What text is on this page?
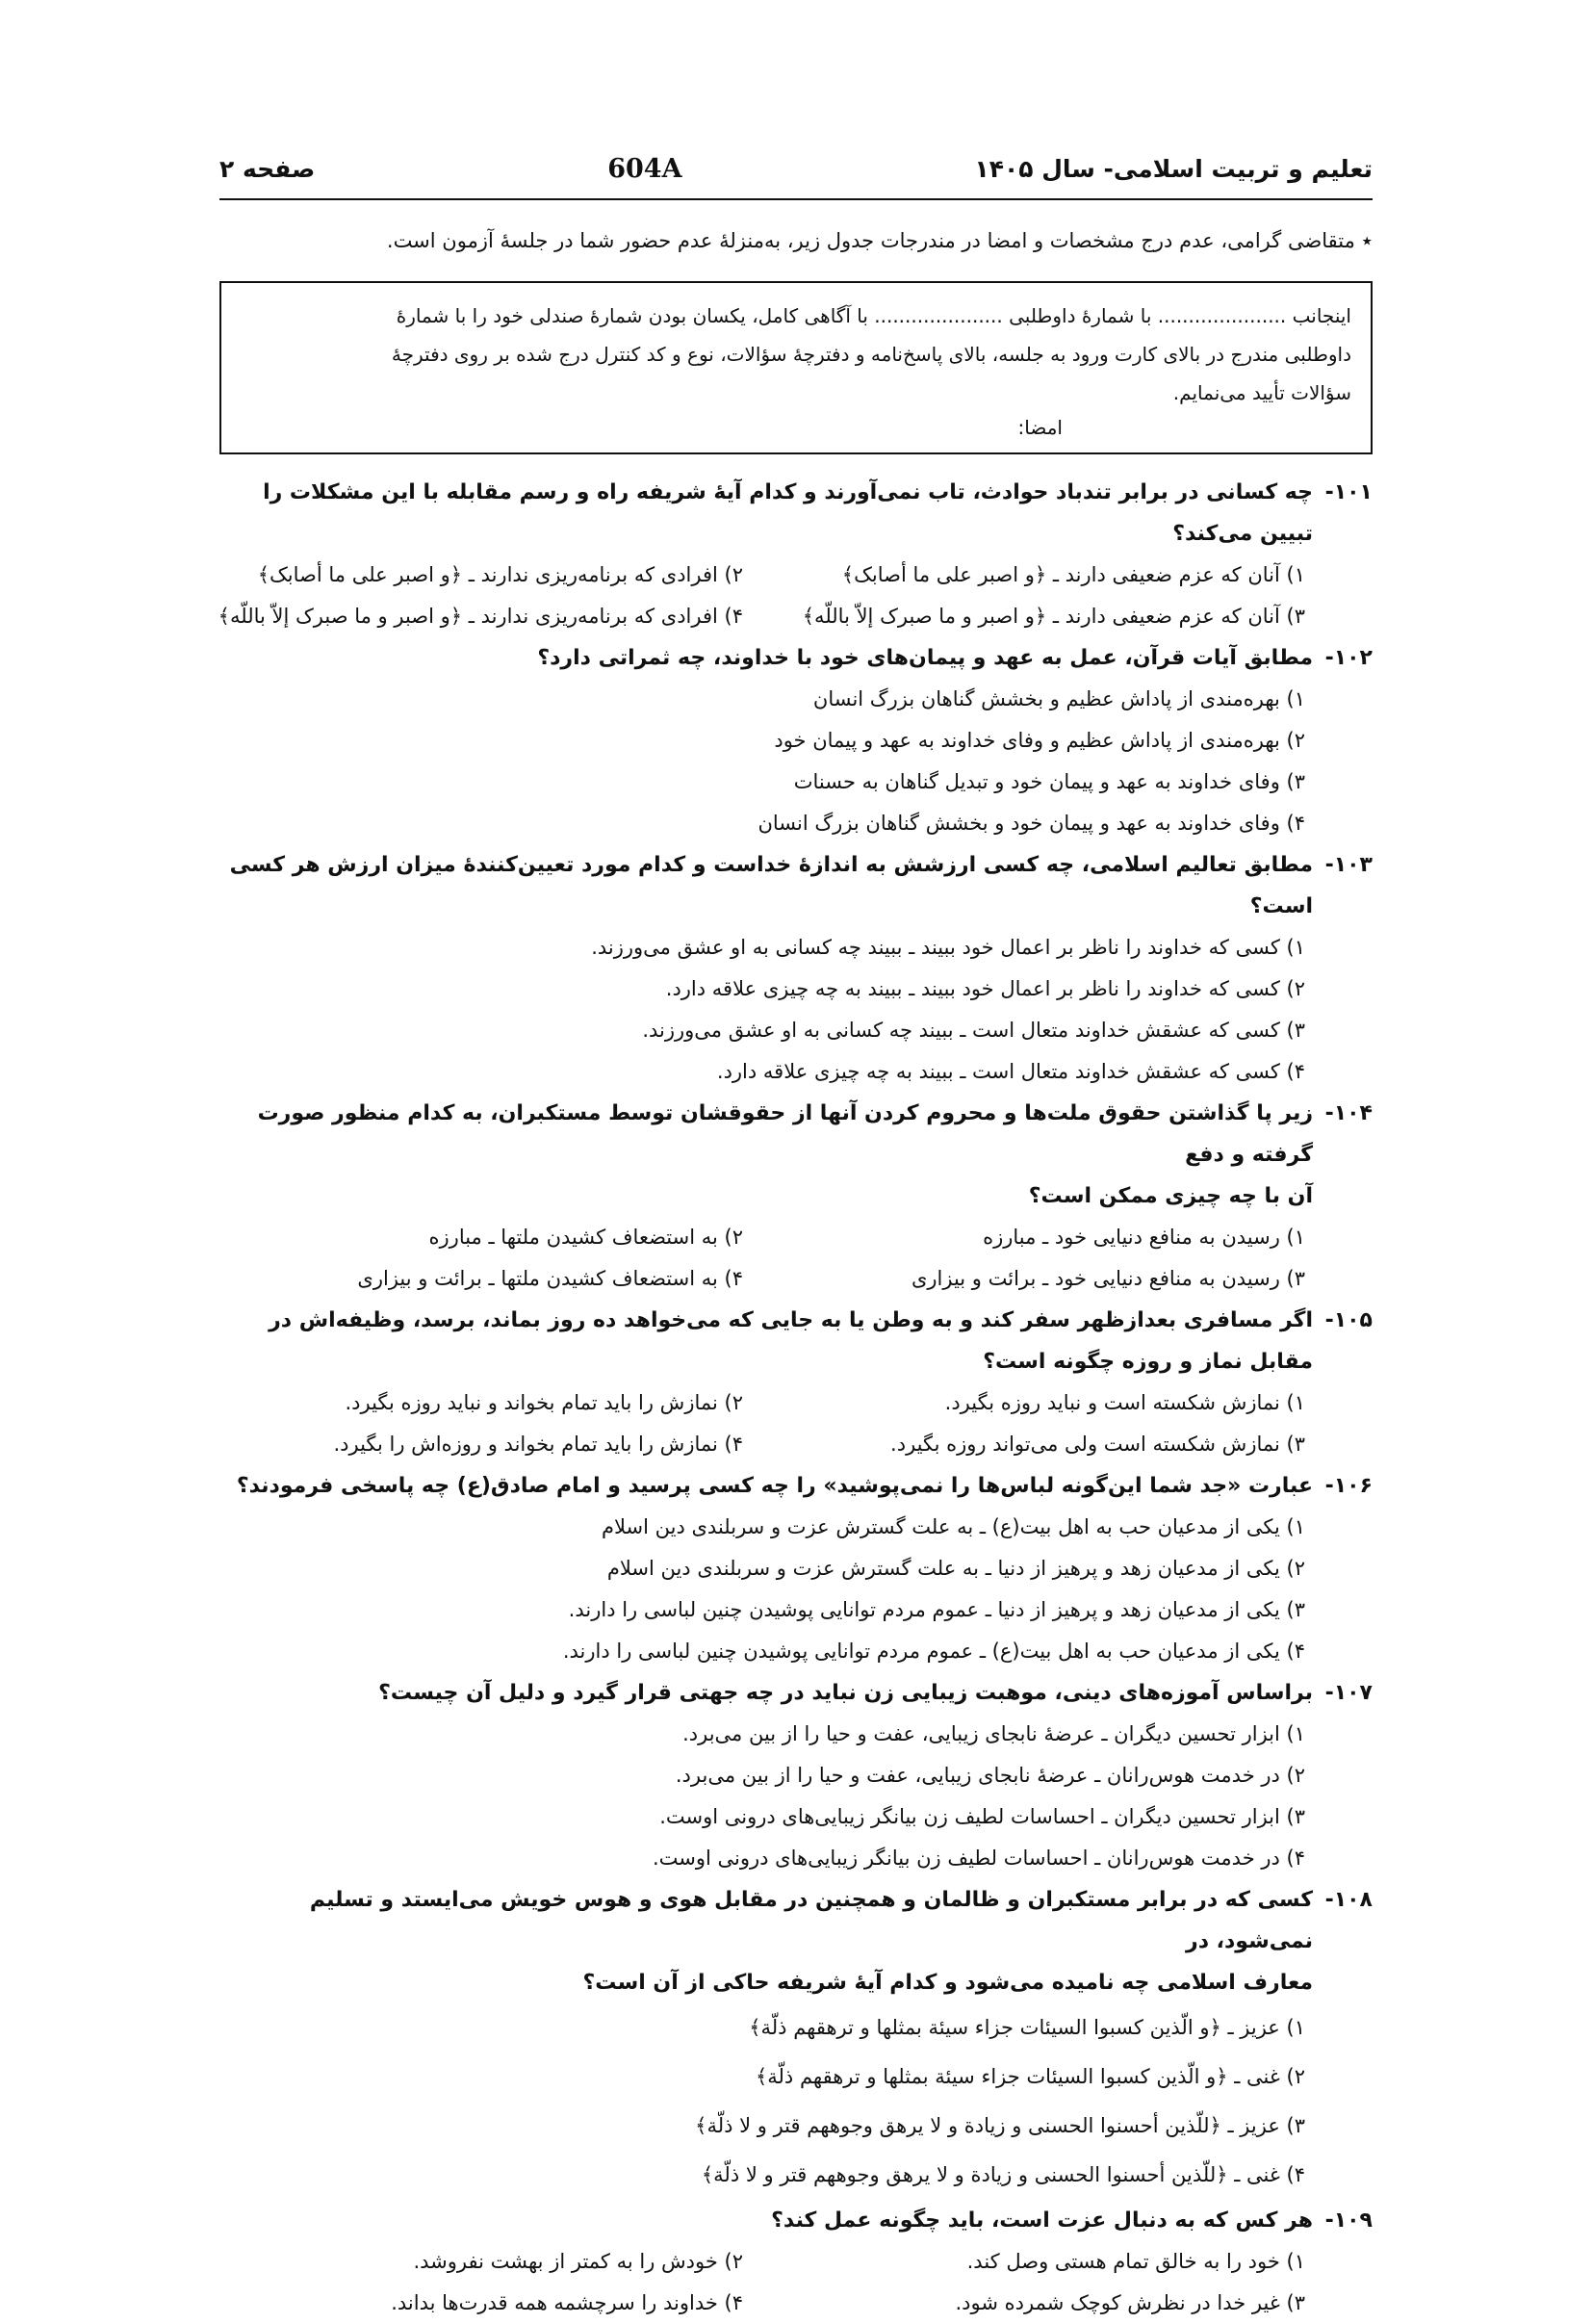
تعلیم و تربیت اسلامی- سال ۱۴۰۵
604A
صفحه ۲
٭ متقاضی گرامی، عدم درج مشخصات و امضا در مندرجات جدول زیر، به‌منزلهٔ عدم حضور شما در جلسهٔ آزمون است.
اینجانب ..................... با شمارهٔ داوطلبی ..................... با آگاهی کامل، یکسان بودن شمارهٔ صندلی خود را با شمارهٔ
داوطلبی مندرج در بالای کارت ورود به جلسه، بالای پاسخ‌نامه و دفترچهٔ سؤالات، نوع و کد کنترل درج شده بر روی دفترچهٔ
سؤالات تأیید می‌نمایم.
امضا:
۱۰۱-
چه کسانی در برابر تندباد حوادث، تاب نمی‌آورند و کدام آیهٔ شریفه راه و رسم مقابله با این مشکلات را تبیین می‌کند؟
۱) آنان که عزم ضعیفی دارند ـ ﴿و اصبر علی ما أصابک﴾
۲) افرادی که برنامه‌ریزی ندارند ـ ﴿و اصبر علی ما أصابک﴾
۳) آنان که عزم ضعیفی دارند ـ ﴿و اصبر و ما صبرک إلاّ باللّه﴾
۴) افرادی که برنامه‌ریزی ندارند ـ ﴿و اصبر و ما صبرک إلاّ باللّه﴾
۱۰۲-
مطابق آیات قرآن، عمل به عهد و پیمان‌های خود با خداوند، چه ثمراتی دارد؟
۱) بهره‌مندی از پاداش عظیم و بخشش گناهان بزرگ انسان
۲) بهره‌مندی از پاداش عظیم و وفای خداوند به عهد و پیمان خود
۳) وفای خداوند به عهد و پیمان خود و تبدیل گناهان به حسنات
۴) وفای خداوند به عهد و پیمان خود و بخشش گناهان بزرگ انسان
۱۰۳-
مطابق تعالیم اسلامی، چه کسی ارزشش به اندازهٔ خداست و کدام مورد تعیین‌کنندهٔ میزان ارزش هر کسی است؟
۱) کسی که خداوند را ناظر بر اعمال خود ببیند ـ ببیند چه کسانی به او عشق می‌ورزند.
۲) کسی که خداوند را ناظر بر اعمال خود ببیند ـ ببیند به چه چیزی علاقه دارد.
۳) کسی که عشقش خداوند متعال است ـ ببیند چه کسانی به او عشق می‌ورزند.
۴) کسی که عشقش خداوند متعال است ـ ببیند به چه چیزی علاقه دارد.
۱۰۴-
زیر پا گذاشتن حقوق ملت‌ها و محروم کردن آنها از حقوقشان توسط مستکبران، به کدام منظور صورت گرفته و دفع
آن با چه چیزی ممکن است؟
۱) رسیدن به منافع دنیایی خود ـ مبارزه
۲) به استضعاف کشیدن ملتها ـ مبارزه
۳) رسیدن به منافع دنیایی خود ـ برائت و بیزاری
۴) به استضعاف کشیدن ملتها ـ برائت و بیزاری
۱۰۵-
اگر مسافری بعدازظهر سفر کند و به وطن یا به جایی که می‌خواهد ده روز بماند، برسد، وظیفه‌اش در مقابل نماز و روزه چگونه است؟
۱) نمازش شکسته است و نباید روزه بگیرد.
۲) نمازش را باید تمام بخواند و نباید روزه بگیرد.
۳) نمازش شکسته است ولی می‌تواند روزه بگیرد.
۴) نمازش را باید تمام بخواند و روزه‌اش را بگیرد.
۱۰۶-
عبارت «جد شما این‌گونه لباس‌ها را نمی‌پوشید» را چه کسی پرسید و امام صادق(ع) چه پاسخی فرمودند؟
۱) یکی از مدعیان حب به اهل بیت(ع) ـ به علت گسترش عزت و سربلندی دین اسلام
۲) یکی از مدعیان زهد و پرهیز از دنیا ـ به علت گسترش عزت و سربلندی دین اسلام
۳) یکی از مدعیان زهد و پرهیز از دنیا ـ عموم مردم توانایی پوشیدن چنین لباسی را دارند.
۴) یکی از مدعیان حب به اهل بیت(ع) ـ عموم مردم توانایی پوشیدن چنین لباسی را دارند.
۱۰۷-
براساس آموزه‌های دینی، موهبت زیبایی زن نباید در چه جهتی قرار گیرد و دلیل آن چیست؟
۱) ابزار تحسین دیگران ـ عرضهٔ نابجای زیبایی، عفت و حیا را از بین می‌برد.
۲) در خدمت هوس‌رانان ـ عرضهٔ نابجای زیبایی، عفت و حیا را از بین می‌برد.
۳) ابزار تحسین دیگران ـ احساسات لطیف زن بیانگر زیبایی‌های درونی اوست.
۴) در خدمت هوس‌رانان ـ احساسات لطیف زن بیانگر زیبایی‌های درونی اوست.
۱۰۸-
کسی که در برابر مستکبران و ظالمان و همچنین در مقابل هوی و هوس خویش می‌ایستد و تسلیم نمی‌شود، در
معارف اسلامی چه نامیده می‌شود و کدام آیهٔ شریفه حاکی از آن است؟
۱) عزیز ـ ﴿و الّذین کسبوا السیئات جزاء سیئة بمثلها و ترهقهم ذلّة﴾
۲) غنی ـ ﴿و الّذین کسبوا السیئات جزاء سیئة بمثلها و ترهقهم ذلّة﴾
۳) عزیز ـ ﴿للّذین أحسنوا الحسنی و زیادة و لا یرهق وجوههم قتر و لا ذلّة﴾
۴) غنی ـ ﴿للّذین أحسنوا الحسنی و زیادة و لا یرهق وجوههم قتر و لا ذلّة﴾
۱۰۹-
هر کس که به دنبال عزت است، باید چگونه عمل کند؟
۱) خود را به خالق تمام هستی وصل کند.
۲) خودش را به کمتر از بهشت نفروشد.
۳) غیر خدا در نظرش کوچک شمرده شود.
۴) خداوند را سرچشمه همه قدرت‌ها بداند.
